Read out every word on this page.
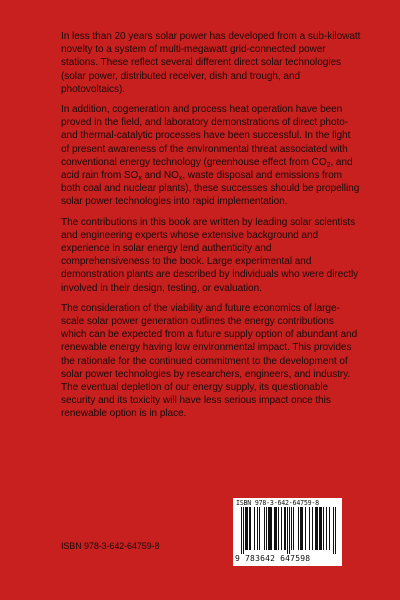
In less than 20 years solar power has developed from a sub-kilowatt novelty to a system of multi-megawatt grid-connected power stations. These reflect several different direct solar technologies (solar power, distributed receiver, dish and trough, and photovoltaics).

In addition, cogeneration and process heat operation have been proved in the field, and laboratory demonstrations of direct photo- and thermal-catalytic processes have been successful. In the light of present awareness of the environmental threat associated with conventional energy technology (greenhouse effect from $CO_2$, and acid rain from $SO_x$ and $NO_x$, waste disposal and emissions from both coal and nuclear plants), these successes should be propelling solar power technologies into rapid implementation.

The contributions in this book are written by leading solar scientists and engineering experts whose extensive background and experience in solar energy lend authenticity and comprehensiveness to the book. Large experimental and demonstration plants are described by individuals who were directly involved in their design, testing, or evaluation.

The consideration of the viability and future economics of large-scale solar power generation outlines the energy contributions which can be expected from a future supply option of abundant and renewable energy having low environmental impact. This provides the rationale for the continued commitment to the development of solar power technologies by researchers, engineers, and industry. The eventual depletion of our energy supply, its questionable security and its toxicity will have less serious impact once this renewable option is in place.

ISBN 978-3-642-64759-8
ISBN 978-3-642-64759-8
9 783642 647598
